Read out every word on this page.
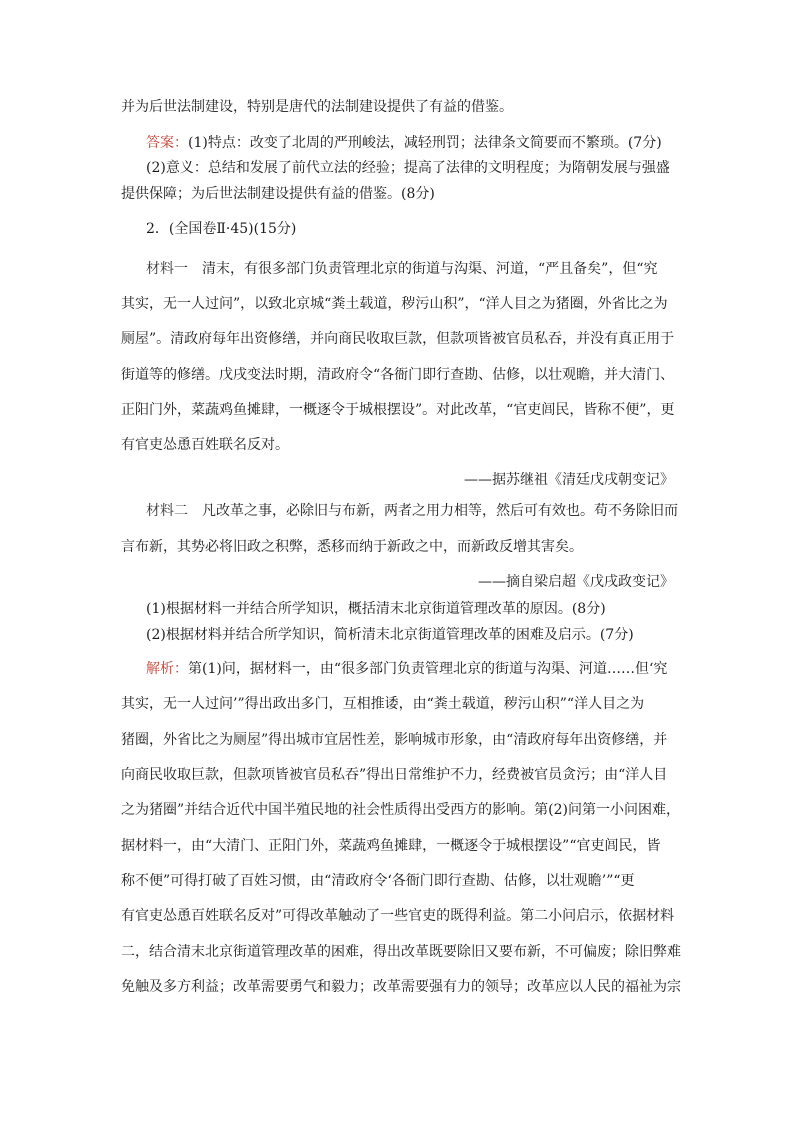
并为后世法制建设，特别是唐代的法制建设提供了有益的借鉴。
答案：(1)特点：改变了北周的严刑峻法，减轻刑罚；法律条文简要而不繁琐。(7分)
(2)意义：总结和发展了前代立法的经验；提高了法律的文明程度；为隋朝发展与强盛
提供保障；为后世法制建设提供有益的借鉴。(8分)
2．(全国卷Ⅱ·45)(15分)
材料一　 清末，有很多部门负责管理北京的街道与沟渠、河道，“严且备矣”，但“究
其实，无一人过问”，以致北京城“粪土载道，秽污山积”，“洋人目之为猪圈，外省比之为
厕屋”。清政府每年出资修缮，并向商民收取巨款，但款项皆被官员私吞，并没有真正用于
街道等的修缮。戊戌变法时期，清政府令“各衙门即行查勘、估修，以壮观瞻，并大清门、
正阳门外，菜蔬鸡鱼摊肆，一概逐令于城根摆设”。对此改革，“官吏闾民，皆称不便”，更
有官吏怂恿百姓联名反对。
——据苏继祖《清廷戊戌朝变记》
材料二　 凡改革之事，必除旧与布新，两者之用力相等，然后可有效也。苟不务除旧而
言布新，其势必将旧政之积弊，悉移而纳于新政之中，而新政反增其害矣。
——摘自梁启超《戊戌政变记》
(1)根据材料一并结合所学知识，概括清末北京街道管理改革的原因。(8分)
(2)根据材料并结合所学知识，简析清末北京街道管理改革的困难及启示。(7分)
解析：第(1)问，据材料一，由“很多部门负责管理北京的街道与沟渠、河道……但‘究
其实，无一人过问’”得出政出多门，互相推诿，由“粪土载道，秽污山积”“洋人目之为
猪圈，外省比之为厕屋”得出城市宜居性差，影响城市形象，由“清政府每年出资修缮，并
向商民收取巨款，但款项皆被官员私吞”得出日常维护不力，经费被官员贪污；由“洋人目
之为猪圈”并结合近代中国半殖民地的社会性质得出受西方的影响。第(2)问第一小问困难，
据材料一，由“大清门、正阳门外，菜蔬鸡鱼摊肆，一概逐令于城根摆设”“官吏闾民，皆
称不便”可得打破了百姓习惯，由“清政府令‘各衙门即行查勘、估修，以壮观瞻’”“更
有官吏怂恿百姓联名反对”可得改革触动了一些官吏的既得利益。第二小问启示，依据材料
二，结合清末北京街道管理改革的困难，得出改革既要除旧又要布新，不可偏废；除旧弊难
免触及多方利益；改革需要勇气和毅力；改革需要强有力的领导；改革应以人民的福祉为宗
